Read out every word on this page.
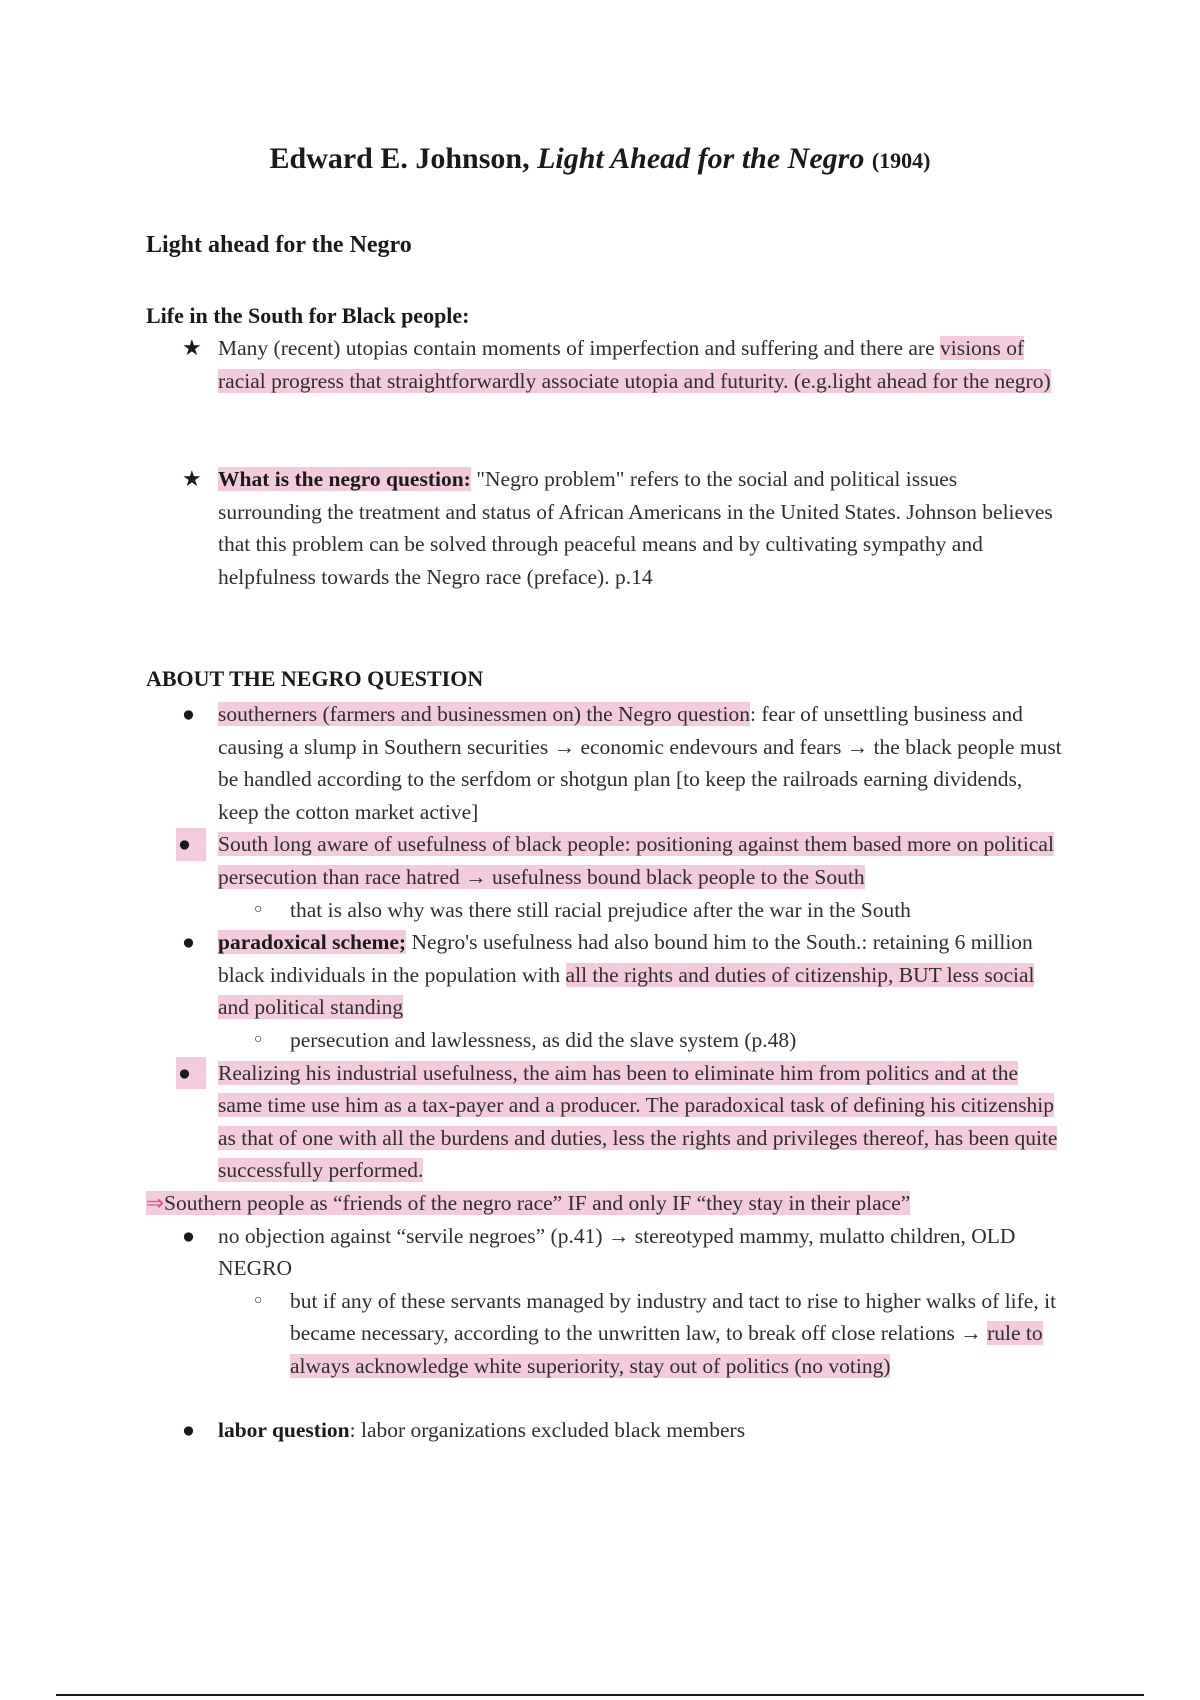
Edward E. Johnson, Light Ahead for the Negro (1904)
Light ahead for the Negro
Life in the South for Black people:
★ Many (recent) utopias contain moments of imperfection and suffering and there are visions of racial progress that straightforwardly associate utopia and futurity. (e.g.light ahead for the negro)
★ What is the negro question: "Negro problem" refers to the social and political issues surrounding the treatment and status of African Americans in the United States. Johnson believes that this problem can be solved through peaceful means and by cultivating sympathy and helpfulness towards the Negro race (preface). p.14
ABOUT THE NEGRO QUESTION
●	southerners (farmers and businessmen on) the Negro question: fear of unsettling business and causing a slump in Southern securities → economic endevours and fears → the black people must be handled according to the serfdom or shotgun plan [to keep the railroads earning dividends, keep the cotton market active]
●	South long aware of usefulness of black people: positioning against them based more on political persecution than race hatred → usefulness bound black people to the South
○	that is also why was there still racial prejudice after the war in the South
●	paradoxical scheme; Negro's usefulness had also bound him to the South.: retaining 6 million black individuals in the population with all the rights and duties of citizenship, BUT less social and political standing
○	persecution and lawlessness, as did the slave system (p.48)
●	Realizing his industrial usefulness, the aim has been to eliminate him from politics and at the same time use him as a tax-payer and a producer. The paradoxical task of defining his citizenship as that of one with all the burdens and duties, less the rights and privileges thereof, has been quite successfully performed.
⇒Southern people as “friends of the negro race” IF and only IF “they stay in their place”
●	no objection against “servile negroes” (p.41) → stereotyped mammy, mulatto children, OLD NEGRO
○	but if any of these servants managed by industry and tact to rise to higher walks of life, it became necessary, according to the unwritten law, to break off close relations → rule to always acknowledge white superiority, stay out of politics (no voting)
●	labor question: labor organizations excluded black members
